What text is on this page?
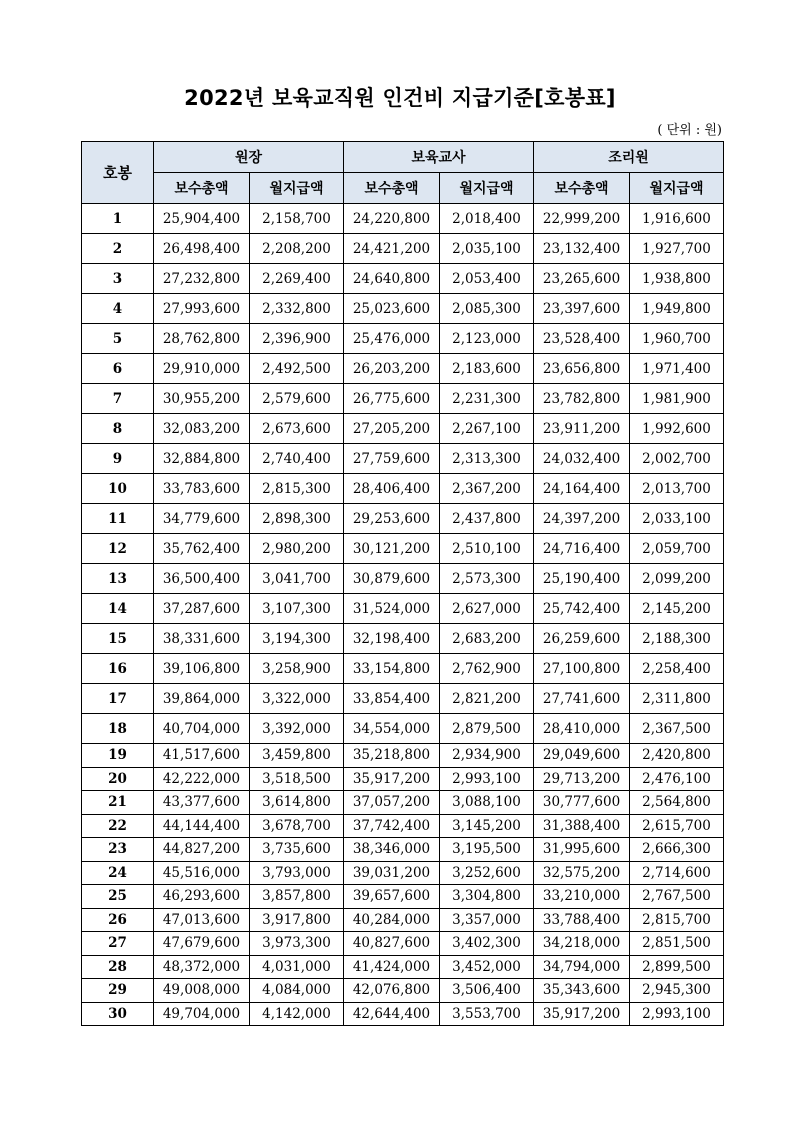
2022년 보육교직원 인건비 지급기준[호봉표]
( 단위 : 원)
호봉	원장		보육교사		조리원	
	보수총액	월지급액	보수총액	월지급액	보수총액	월지급액
1	25,904,400	2,158,700	24,220,800	2,018,400	22,999,200	1,916,600
2	26,498,400	2,208,200	24,421,200	2,035,100	23,132,400	1,927,700
3	27,232,800	2,269,400	24,640,800	2,053,400	23,265,600	1,938,800
4	27,993,600	2,332,800	25,023,600	2,085,300	23,397,600	1,949,800
5	28,762,800	2,396,900	25,476,000	2,123,000	23,528,400	1,960,700
6	29,910,000	2,492,500	26,203,200	2,183,600	23,656,800	1,971,400
7	30,955,200	2,579,600	26,775,600	2,231,300	23,782,800	1,981,900
8	32,083,200	2,673,600	27,205,200	2,267,100	23,911,200	1,992,600
9	32,884,800	2,740,400	27,759,600	2,313,300	24,032,400	2,002,700
10	33,783,600	2,815,300	28,406,400	2,367,200	24,164,400	2,013,700
11	34,779,600	2,898,300	29,253,600	2,437,800	24,397,200	2,033,100
12	35,762,400	2,980,200	30,121,200	2,510,100	24,716,400	2,059,700
13	36,500,400	3,041,700	30,879,600	2,573,300	25,190,400	2,099,200
14	37,287,600	3,107,300	31,524,000	2,627,000	25,742,400	2,145,200
15	38,331,600	3,194,300	32,198,400	2,683,200	26,259,600	2,188,300
16	39,106,800	3,258,900	33,154,800	2,762,900	27,100,800	2,258,400
17	39,864,000	3,322,000	33,854,400	2,821,200	27,741,600	2,311,800
18	40,704,000	3,392,000	34,554,000	2,879,500	28,410,000	2,367,500
19	41,517,600	3,459,800	35,218,800	2,934,900	29,049,600	2,420,800
20	42,222,000	3,518,500	35,917,200	2,993,100	29,713,200	2,476,100
21	43,377,600	3,614,800	37,057,200	3,088,100	30,777,600	2,564,800
22	44,144,400	3,678,700	37,742,400	3,145,200	31,388,400	2,615,700
23	44,827,200	3,735,600	38,346,000	3,195,500	31,995,600	2,666,300
24	45,516,000	3,793,000	39,031,200	3,252,600	32,575,200	2,714,600
25	46,293,600	3,857,800	39,657,600	3,304,800	33,210,000	2,767,500
26	47,013,600	3,917,800	40,284,000	3,357,000	33,788,400	2,815,700
27	47,679,600	3,973,300	40,827,600	3,402,300	34,218,000	2,851,500
28	48,372,000	4,031,000	41,424,000	3,452,000	34,794,000	2,899,500
29	49,008,000	4,084,000	42,076,800	3,506,400	35,343,600	2,945,300
30	49,704,000	4,142,000	42,644,400	3,553,700	35,917,200	2,993,100
